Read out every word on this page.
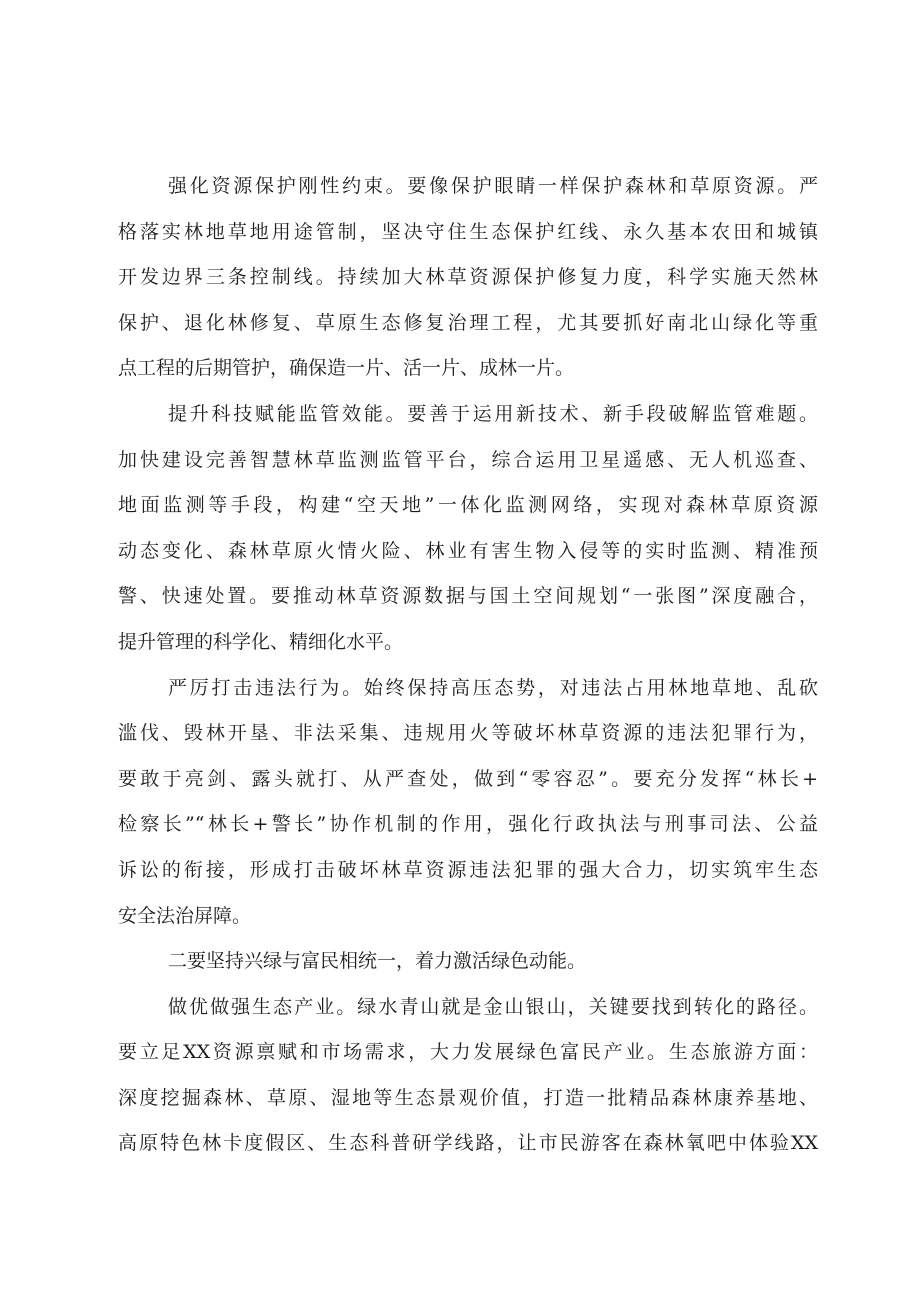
强化资源保护刚性约束。要像保护眼睛一样保护森林和草原资源。严
格落实林地草地用途管制，坚决守住生态保护红线、永久基本农田和城镇
开发边界三条控制线。持续加大林草资源保护修复力度，科学实施天然林
保护、退化林修复、草原生态修复治理工程，尤其要抓好南北山绿化等重
点工程的后期管护，确保造一片、活一片、成林一片。
提升科技赋能监管效能。要善于运用新技术、新手段破解监管难题。
加快建设完善智慧林草监测监管平台，综合运用卫星遥感、无人机巡查、
地面监测等手段，构建“空天地”一体化监测网络，实现对森林草原资源
动态变化、森林草原火情火险、林业有害生物入侵等的实时监测、精准预
警、快速处置。要推动林草资源数据与国土空间规划“一张图”深度融合，
提升管理的科学化、精细化水平。
严厉打击违法行为。始终保持高压态势，对违法占用林地草地、乱砍
滥伐、毁林开垦、非法采集、违规用火等破坏林草资源的违法犯罪行为，
要敢于亮剑、露头就打、从严查处，做到“零容忍”。要充分发挥“林长+
检察长”“林长+警长”协作机制的作用，强化行政执法与刑事司法、公益
诉讼的衔接，形成打击破坏林草资源违法犯罪的强大合力，切实筑牢生态
安全法治屏障。
二要坚持兴绿与富民相统一，着力激活绿色动能。
做优做强生态产业。绿水青山就是金山银山，关键要找到转化的路径。
要立足XX资源禀赋和市场需求，大力发展绿色富民产业。生态旅游方面：
深度挖掘森林、草原、湿地等生态景观价值，打造一批精品森林康养基地、
高原特色林卡度假区、生态科普研学线路，让市民游客在森林氧吧中体验XX
